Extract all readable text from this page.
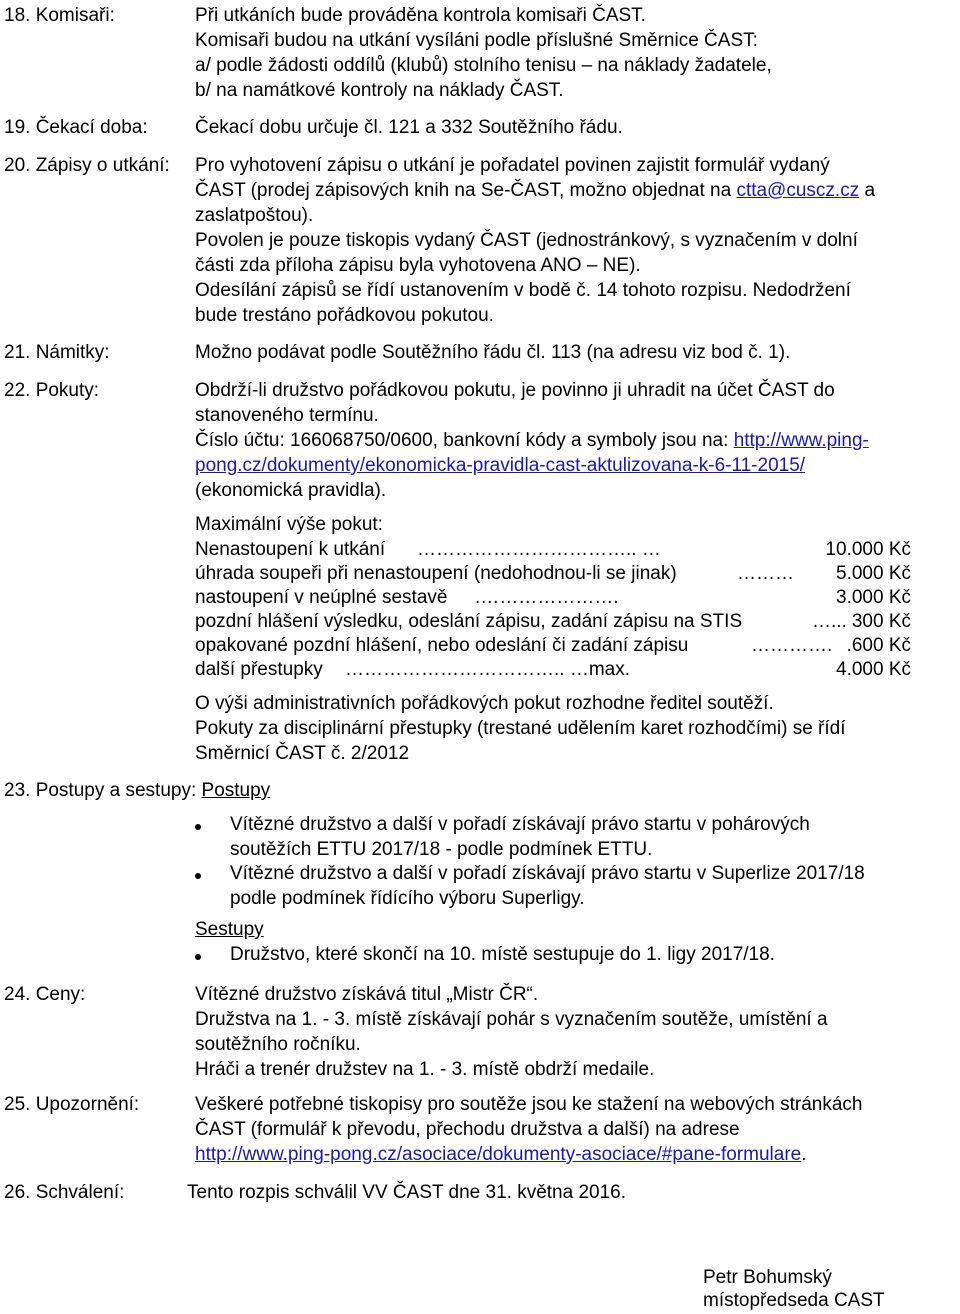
18. Komisaři:	Při utkáních bude prováděna kontrola komisaři ČAST.
Komisaři budou na utkání vysíláni podle příslušné Směrnice ČAST:
a/ podle žádosti oddílů (klubů) stolního tenisu – na náklady žadatele,
b/ na namátkové kontroly na náklady ČAST.
19. Čekací doba: Čekací dobu určuje čl. 121 a 332 Soutěžního řádu.
20. Zápisy o utkání: Pro vyhotovení zápisu o utkání je pořadatel povinen zajistit formulář vydaný
ČAST (prodej zápisových knih na Se-ČAST, možno objednat na ctta@cuscz.cz a
zaslatpoštou).
Povolen je pouze tiskopis vydaný ČAST (jednostránkový, s vyznačením v dolní
části zda příloha zápisu byla vyhotovena ANO – NE).
Odesílání zápisů se řídí ustanovením v bodě č. 14 tohoto rozpisu. Nedodržení
bude trestáno pořádkovou pokutou.
21. Námitky:	Možno podávat podle Soutěžního řádu čl. 113 (na adresu viz bod č. 1).
22. Pokuty:	Obdrží-li družstvo pořádkovou pokutu, je povinno ji uhradit na účet ČAST do
stanoveného termínu.
Číslo účtu: 166068750/0600, bankovní kódy a symboly jsou na: http://www.ping-
pong.cz/dokumenty/ekonomicka-pravidla-cast-aktulizovana-k-6-11-2015/
(ekonomická pravidla).
Maximální výše pokut:
Nenastoupení k utkání …………………………….. …	10.000 Kč
úhrada soupeři při nenastoupení (nedohodnou-li se jinak)	……… 5.000 Kč
nastoupení v neúplné sestavě .………………….	3.000 Kč
pozdní hlášení výsledku, odeslání zápisu, zadání zápisu na STIS	…... 300 Kč
opakované pozdní hlášení, nebo odeslání či zadání zápisu	…………. .600 Kč
další přestupky …………………………….. …max.	4.000 Kč
O výši administrativních pořádkových pokut rozhodne ředitel soutěží.
Pokuty za disciplinární přestupky (trestané udělením karet rozhodčími) se řídí
Směrnicí ČAST č. 2/2012
23. Postupy a sestupy: Postupy
Vítězné družstvo a další v pořadí získávají právo startu v pohárových
soutěžích ETTU 2017/18 - podle podmínek ETTU.
Vítězné družstvo a další v pořadí získávají právo startu v Superlize 2017/18
podle podmínek řídícího výboru Superligy.
Sestupy
Družstvo, které skončí na 10. místě sestupuje do 1. ligy 2017/18.
24. Ceny:	Vítězné družstvo získává titul „Mistr ČR“.
Družstva na 1. - 3. místě získávají pohár s vyznačením soutěže, umístění a
soutěžního ročníku.
Hráči a trenér družstev na 1. - 3. místě obdrží medaile.
25. Upozornění:	Veškeré potřebné tiskopisy pro soutěže jsou ke stažení na webových stránkách
ČAST (formulář k převodu, přechodu družstva a další) na adrese
http://www.ping-pong.cz/asociace/dokumenty-asociace/#pane-formulare.
26. Schválení:	Tento rozpis schválil VV ČAST dne 31. května 2016.
Petr Bohumský
místopředseda CAST
